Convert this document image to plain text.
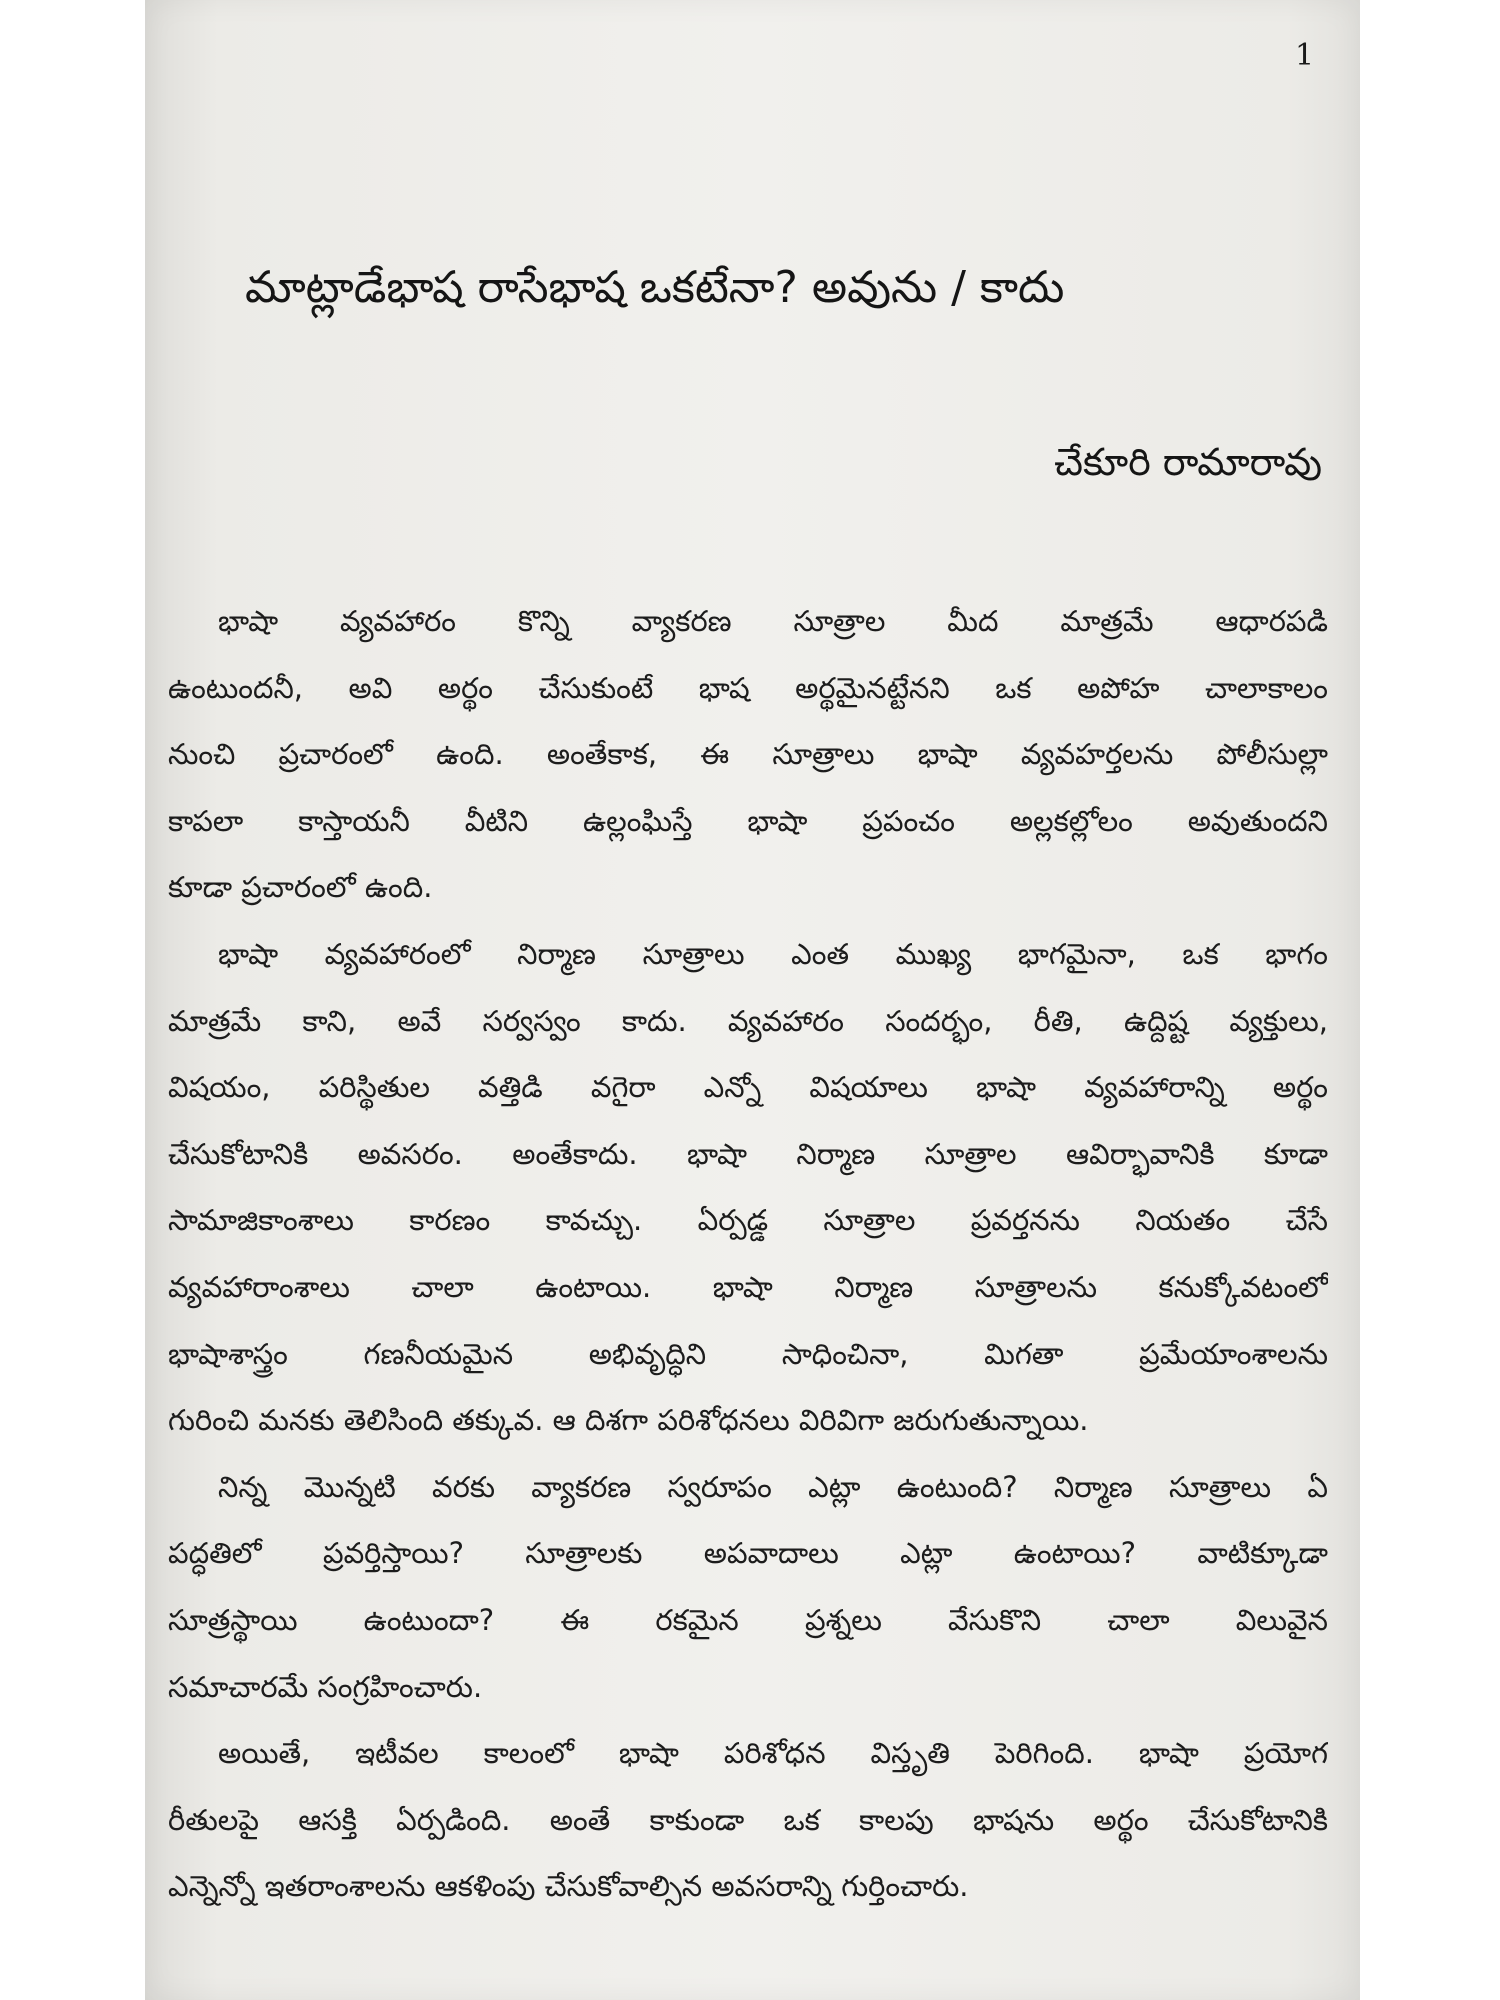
1
మాట్లాడేభాష రాసేభాష ఒకటేనా? అవును / కాదు
చేకూరి రామారావు
భాషా వ్యవహారం కొన్ని వ్యాకరణ సూత్రాల మీద మాత్రమే ఆధారపడి
ఉంటుందనీ, అవి అర్థం చేసుకుంటే భాష అర్థమైనట్టేనని ఒక అపోహ చాలాకాలం
నుంచి ప్రచారంలో ఉంది. అంతేకాక, ఈ సూత్రాలు భాషా వ్యవహర్తలను పోలీసుల్లా
కాపలా కాస్తాయనీ వీటిని ఉల్లంఘిస్తే భాషా ప్రపంచం అల్లకల్లోలం అవుతుందని
కూడా ప్రచారంలో ఉంది.
భాషా వ్యవహారంలో నిర్మాణ సూత్రాలు ఎంత ముఖ్య భాగమైనా, ఒక భాగం
మాత్రమే కాని, అవే సర్వస్వం కాదు. వ్యవహారం సందర్భం, రీతి, ఉద్దిష్ట వ్యక్తులు,
విషయం, పరిస్థితుల వత్తిడి వగైరా ఎన్నో విషయాలు భాషా వ్యవహారాన్ని అర్థం
చేసుకోటానికి అవసరం. అంతేకాదు. భాషా నిర్మాణ సూత్రాల ఆవిర్భావానికి కూడా
సామాజికాంశాలు కారణం కావచ్చు. ఏర్పడ్డ సూత్రాల ప్రవర్తనను నియతం చేసే
వ్యవహారాంశాలు చాలా ఉంటాయి. భాషా నిర్మాణ సూత్రాలను కనుక్కోవటంలో
భాషాశాస్త్రం గణనీయమైన అభివృద్ధిని సాధించినా, మిగతా ప్రమేయాంశాలను
గురించి మనకు తెలిసింది తక్కువ. ఆ దిశగా పరిశోధనలు విరివిగా జరుగుతున్నాయి.
నిన్న మొన్నటి వరకు వ్యాకరణ స్వరూపం ఎట్లా ఉంటుంది? నిర్మాణ సూత్రాలు ఏ
పద్ధతిలో ప్రవర్తిస్తాయి? సూత్రాలకు అపవాదాలు ఎట్లా ఉంటాయి? వాటిక్కూడా
సూత్రస్థాయి ఉంటుందా? ఈ రకమైన ప్రశ్నలు వేసుకొని చాలా విలువైన
సమాచారమే సంగ్రహించారు.
అయితే, ఇటీవల కాలంలో భాషా పరిశోధన విస్తృతి పెరిగింది. భాషా ప్రయోగ
రీతులపై ఆసక్తి ఏర్పడింది. అంతే కాకుండా ఒక కాలపు భాషను అర్థం చేసుకోటానికి
ఎన్నెన్నో ఇతరాంశాలను ఆకళింపు చేసుకోవాల్సిన అవసరాన్ని గుర్తించారు.
